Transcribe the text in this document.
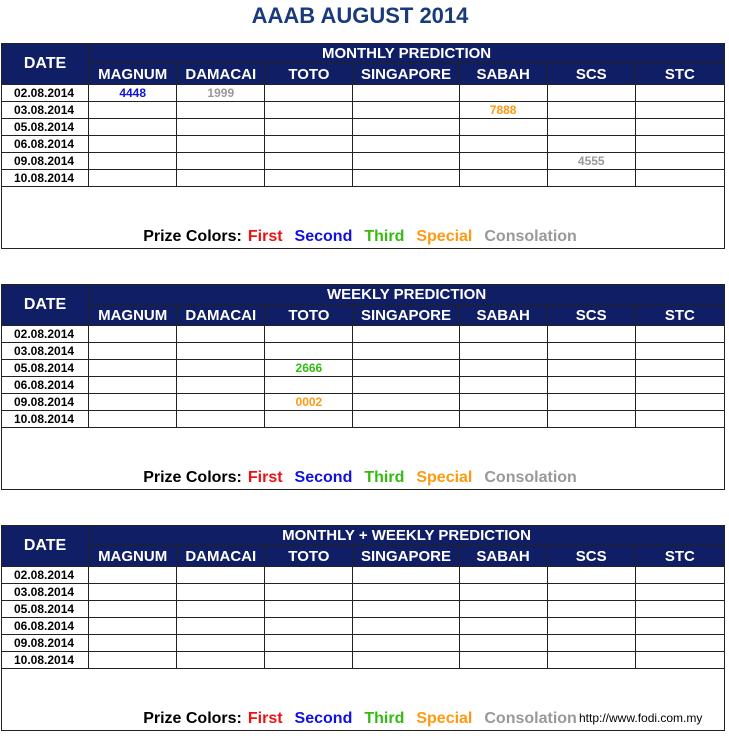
AAAB AUGUST 2014
DATE	MONTHLY PREDICTION						
	MAGNUM	DAMACAI	TOTO	SINGAPORE	SABAH	SCS	STC
02.08.2014	4448	1999					
03.08.2014					7888		
05.08.2014							
06.08.2014							
09.08.2014						4555	
10.08.2014							
Prize Colors: First Second Third Special Consolation							
DATE	WEEKLY PREDICTION						
	MAGNUM	DAMACAI	TOTO	SINGAPORE	SABAH	SCS	STC
02.08.2014							
03.08.2014							
05.08.2014			2666				
06.08.2014							
09.08.2014			0002				
10.08.2014							
Prize Colors: First Second Third Special Consolation							
DATE	MONTHLY + WEEKLY PREDICTION						
	MAGNUM	DAMACAI	TOTO	SINGAPORE	SABAH	SCS	STC
02.08.2014							
03.08.2014							
05.08.2014							
06.08.2014							
09.08.2014							
10.08.2014							
Prize Colors: First Second Third Special Consolation							http://www.fodi.com.my
